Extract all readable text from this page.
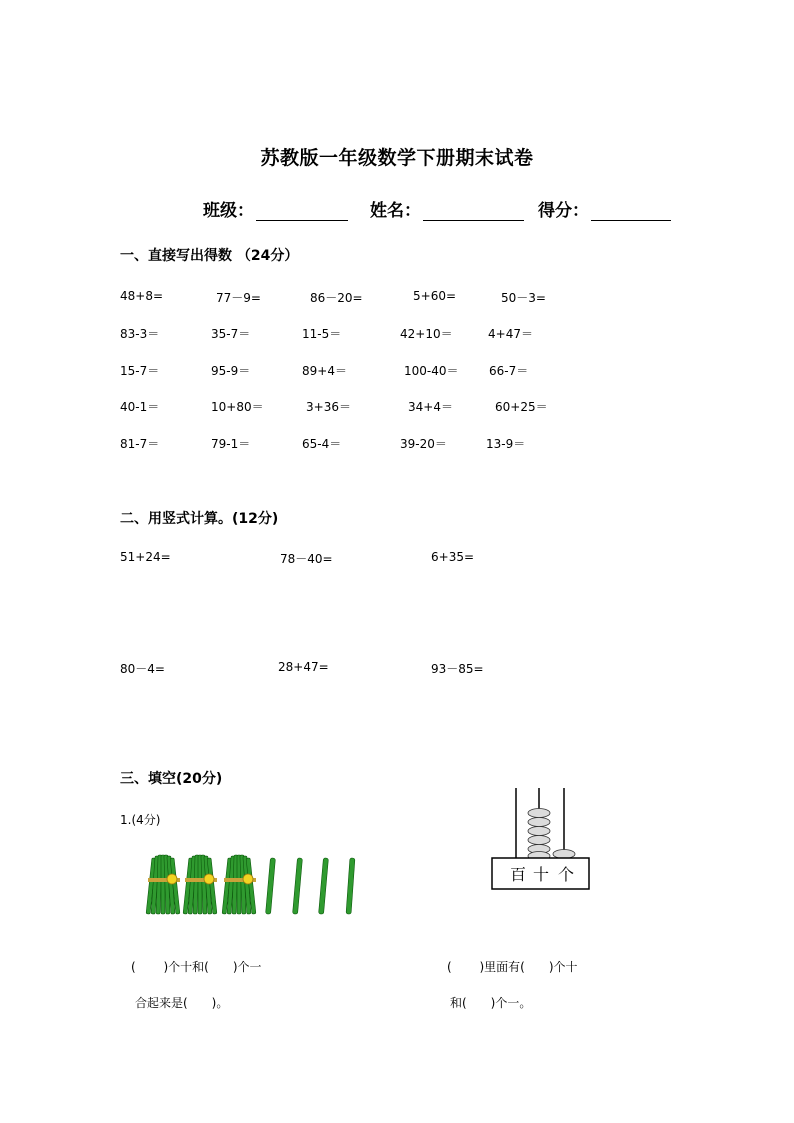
苏教版一年级数学下册期末试卷
班级：	姓名：	得分：
一、直接写出得数 （24分）
48+8=	77－9=	86－20=	5+60=	50－3=
83-3＝	35-7＝	11-5＝	42+10＝	4+47＝
15-7＝	95-9＝	89+4＝	100-40＝	66-7＝
40-1＝	10+80＝	3+36＝	34+4＝	60+25＝
81-7＝	79-1＝	65-4＝	39-20＝	13-9＝
二、用竖式计算。(12分)
51+24=	78－40=	6+35=
80－4=	28+47=	93－85=
三、填空(20分)
1.(4分)
百 十 个
(　　 )个十和(　　)个一
合起来是(　　)。
(　　 )里面有(　　)个十
和(　　)个一。
